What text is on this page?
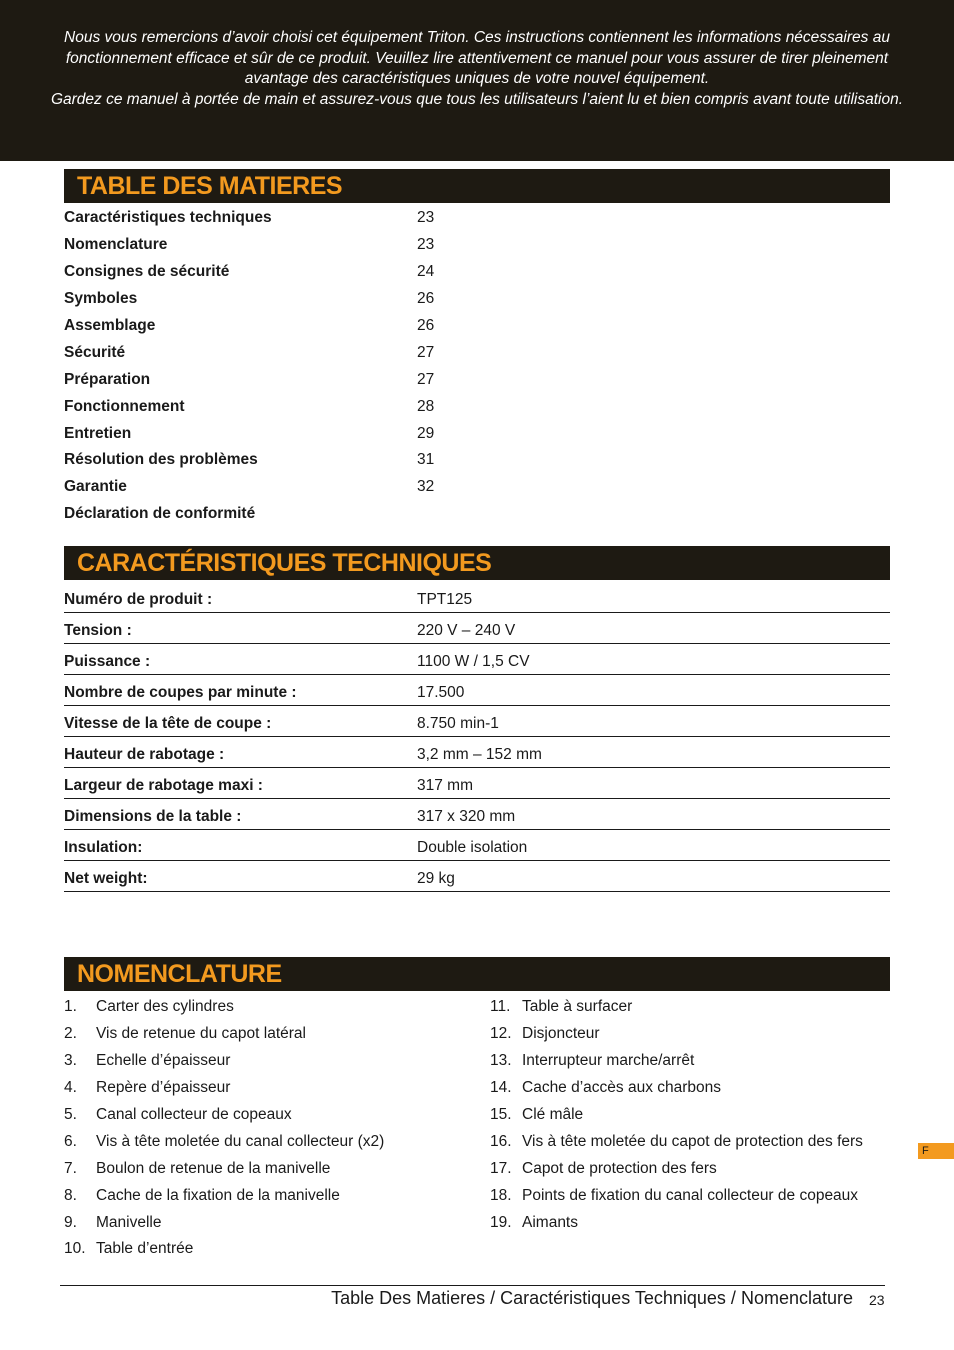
Nous vous remercions d’avoir choisi cet équipement Triton. Ces instructions contiennent les informations nécessaires au fonctionnement efficace et sûr de ce produit. Veuillez lire attentivement ce manuel pour vous assurer de tirer pleinement avantage des caractéristiques uniques de votre nouvel équipement.

Gardez ce manuel à portée de main et assurez-vous que tous les utilisateurs l’aient lu et bien compris avant toute utilisation.

TABLE DES MATIERES
Caractéristiques techniques	23
Nomenclature	23
Consignes de sécurité	24
Symboles	26
Assemblage	26
Sécurité	27
Préparation	27
Fonctionnement	28
Entretien	29
Résolution des problèmes	31
Garantie	32
Déclaration de conformité
CARACTÉRISTIQUES TECHNIQUES
Numéro de produit :	TPT125
Tension :	220 V – 240 V
Puissance :	1100 W / 1,5 CV
Nombre de coupes par minute :	17.500
Vitesse de la tête de coupe :	8.750 min-1
Hauteur de rabotage :	3,2 mm – 152 mm
Largeur de rabotage maxi :	317 mm
Dimensions de la table :	317 x 320 mm
Insulation:	Double isolation
Net weight:	29 kg
NOMENCLATURE
1.	Carter des cylindres
2.	Vis de retenue du capot latéral
3.	Echelle d’épaisseur
4.	Repère d’épaisseur
5.	Canal collecteur de copeaux
6.	Vis à tête moletée du canal collecteur (x2)
7.	Boulon de retenue de la manivelle
8.	Cache de la fixation de la manivelle
9.	Manivelle
10. Table d’entrée
11. Table à surfacer
12. Disjoncteur
13. Interrupteur marche/arrêt
14. Cache d’accès aux charbons
15. Clé mâle
16. Vis à tête moletée du capot de protection des fers
17. Capot de protection des fers
18. Points de fixation du canal collecteur de copeaux
19. Aimants
F
Table Des Matieres / Caractéristiques Techniques / Nomenclature 23
